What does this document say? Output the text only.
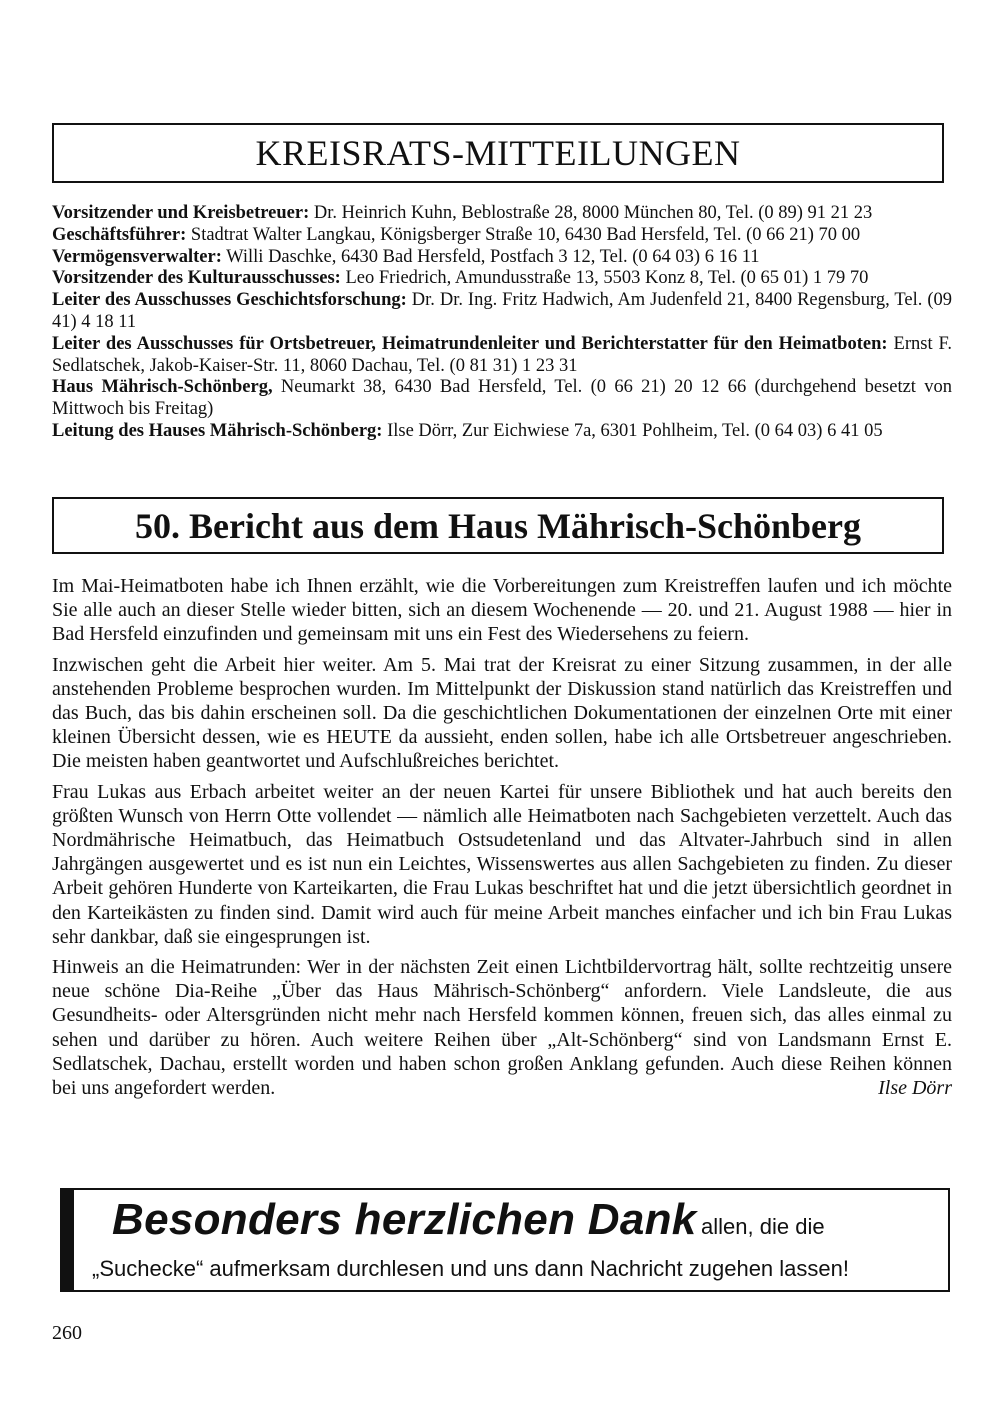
KREISRATS-MITTEILUNGEN

Vorsitzender und Kreisbetreuer: Dr. Heinrich Kuhn, Beblostraße 28, 8000 München 80, Tel. (0 89) 91 21 23

Geschäftsführer: Stadtrat Walter Langkau, Königsberger Straße 10, 6430 Bad Hersfeld, Tel. (0 66 21) 70 00

Vermögensverwalter: Willi Daschke, 6430 Bad Hersfeld, Postfach 3 12, Tel. (0 64 03) 6 16 11

Vorsitzender des Kulturausschusses: Leo Friedrich, Amundusstraße 13, 5503 Konz 8, Tel. (0 65 01) 1 79 70

Leiter des Ausschusses Geschichtsforschung: Dr. Dr. Ing. Fritz Hadwich, Am Judenfeld 21, 8400 Regensburg, Tel. (09 41) 4 18 11

Leiter des Ausschusses für Ortsbetreuer, Heimatrundenleiter und Berichterstatter für den Heimatboten: Ernst F. Sedlatschek, Jakob-Kaiser-Str. 11, 8060 Dachau, Tel. (0 81 31) 1 23 31

Haus Mährisch-Schönberg, Neumarkt 38, 6430 Bad Hersfeld, Tel. (0 66 21) 20 12 66 (durchgehend besetzt von Mittwoch bis Freitag)

Leitung des Hauses Mährisch-Schönberg: Ilse Dörr, Zur Eichwiese 7a, 6301 Pohlheim, Tel. (0 64 03) 6 41 05

50. Bericht aus dem Haus Mährisch-Schönberg

Im Mai-Heimatboten habe ich Ihnen erzählt, wie die Vorbereitungen zum Kreistreffen laufen und ich möchte Sie alle auch an dieser Stelle wieder bitten, sich an diesem Wochenende — 20. und 21. August 1988 — hier in Bad Hersfeld einzufinden und gemeinsam mit uns ein Fest des Wiedersehens zu feiern.

Inzwischen geht die Arbeit hier weiter. Am 5. Mai trat der Kreisrat zu einer Sitzung zusammen, in der alle anstehenden Probleme besprochen wurden. Im Mittelpunkt der Diskussion stand natürlich das Kreistreffen und das Buch, das bis dahin erscheinen soll. Da die geschichtlichen Dokumentationen der einzelnen Orte mit einer kleinen Übersicht dessen, wie es HEUTE da aussieht, enden sollen, habe ich alle Ortsbetreuer angeschrieben. Die meisten haben geantwortet und Aufschlußreiches berichtet.

Frau Lukas aus Erbach arbeitet weiter an der neuen Kartei für unsere Bibliothek und hat auch bereits den größten Wunsch von Herrn Otte vollendet — nämlich alle Heimatboten nach Sachgebieten verzettelt. Auch das Nordmährische Heimatbuch, das Heimatbuch Ostsudetenland und das Altvater-Jahrbuch sind in allen Jahrgängen ausgewertet und es ist nun ein Leichtes, Wissenswertes aus allen Sachgebieten zu finden. Zu dieser Arbeit gehören Hunderte von Karteikarten, die Frau Lukas beschriftet hat und die jetzt übersichtlich geordnet in den Karteikästen zu finden sind. Damit wird auch für meine Arbeit manches einfacher und ich bin Frau Lukas sehr dankbar, daß sie eingesprungen ist.

Hinweis an die Heimatrunden: Wer in der nächsten Zeit einen Lichtbildervortrag hält, sollte rechtzeitig unsere neue schöne Dia-Reihe „Über das Haus Mährisch-Schönberg“ anfordern. Viele Landsleute, die aus Gesundheits- oder Altersgründen nicht mehr nach Hersfeld kommen können, freuen sich, das alles einmal zu sehen und darüber zu hören. Auch weitere Reihen über „Alt-Schönberg“ sind von Landsmann Ernst E. Sedlatschek, Dachau, erstellt worden und haben schon großen Anklang gefunden. Auch diese Reihen können bei uns angefordert werden.	Ilse Dörr

Besonders herzlichen Dank allen, die die
„Suchecke“ aufmerksam durchlesen und uns dann Nachricht zugehen lassen!
260
